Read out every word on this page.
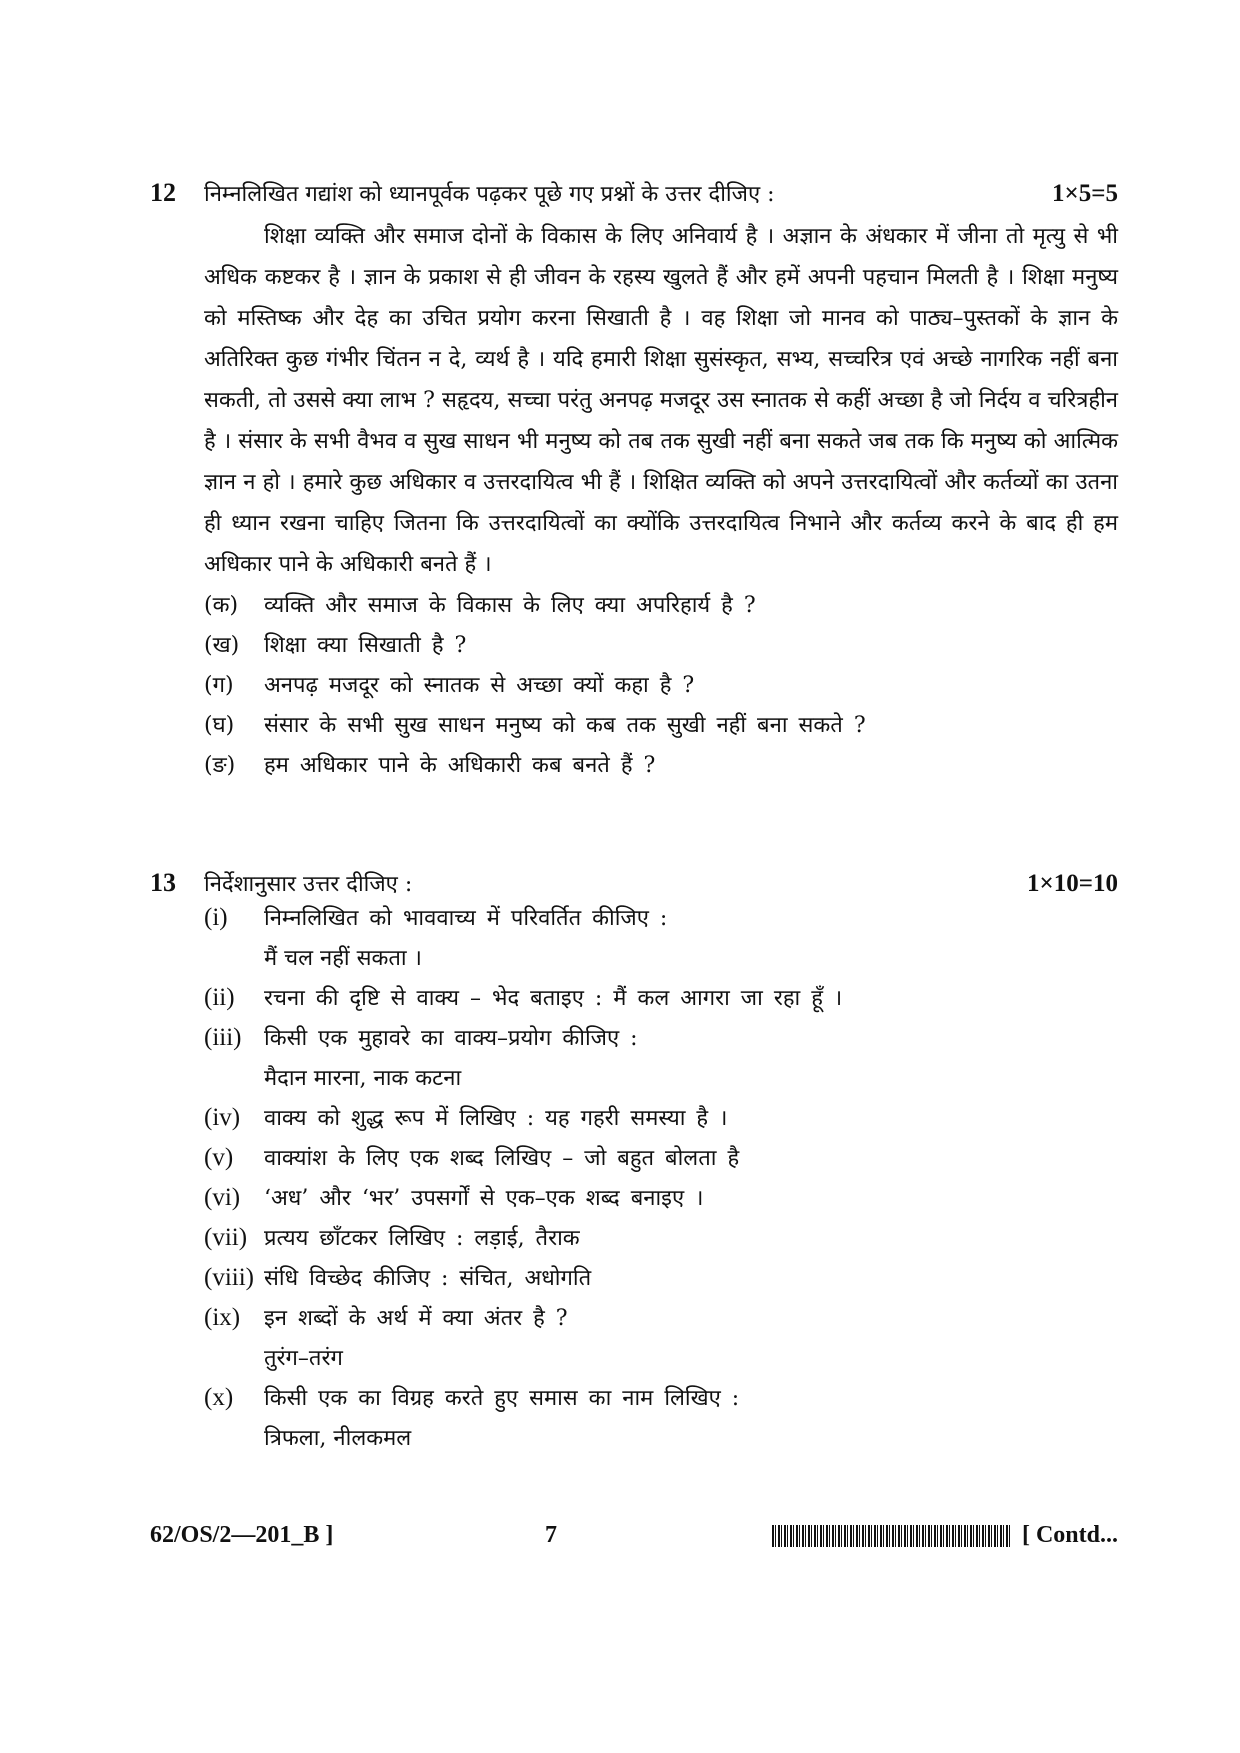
12	निम्नलिखित गद्यांश को ध्यानपूर्वक पढ़कर पूछे गए प्रश्नों के उत्तर दीजिए :	1×5=5
शिक्षा व्यक्ति और समाज दोनों के विकास के लिए अनिवार्य है । अज्ञान के अंधकार में जीना तो मृत्यु से भी अधिक कष्टकर है । ज्ञान के प्रकाश से ही जीवन के रहस्य खुलते हैं और हमें अपनी पहचान मिलती है । शिक्षा मनुष्य को मस्तिष्क और देह का उचित प्रयोग करना सिखाती है । वह शिक्षा जो मानव को पाठ्य–पुस्तकों के ज्ञान के अतिरिक्त कुछ गंभीर चिंतन न दे, व्यर्थ है । यदि हमारी शिक्षा सुसंस्कृत, सभ्य, सच्चरित्र एवं अच्छे नागरिक नहीं बना सकती, तो उससे क्या लाभ ? सहृदय, सच्चा परंतु अनपढ़ मजदूर उस स्नातक से कहीं अच्छा है जो निर्दय व चरित्रहीन है । संसार के सभी वैभव व सुख साधन भी मनुष्य को तब तक सुखी नहीं बना सकते जब तक कि मनुष्य को आत्मिक ज्ञान न हो । हमारे कुछ अधिकार व उत्तरदायित्व भी हैं । शिक्षित व्यक्ति को अपने उत्तरदायित्वों और कर्तव्यों का उतना ही ध्यान रखना चाहिए जितना कि उत्तरदायित्वों का क्योंकि उत्तरदायित्व निभाने और कर्तव्य करने के बाद ही हम अधिकार पाने के अधिकारी बनते हैं ।
(क)	व्यक्ति और समाज के विकास के लिए क्या अपरिहार्य है ?
(ख)	शिक्षा क्या सिखाती है ?
(ग)	अनपढ़ मजदूर को स्नातक से अच्छा क्यों कहा है ?
(घ)	संसार के सभी सुख साधन मनुष्य को कब तक सुखी नहीं बना सकते ?
(ङ)	हम अधिकार पाने के अधिकारी कब बनते हैं ?
13	निर्देशानुसार उत्तर दीजिए :	1×10=10
(i)	निम्नलिखित को भाववाच्य में परिवर्तित कीजिए :
मैं चल नहीं सकता ।
(ii)	रचना की दृष्टि से वाक्य – भेद बताइए : मैं कल आगरा जा रहा हूँ ।
(iii)	किसी एक मुहावरे का वाक्य–प्रयोग कीजिए :
मैदान मारना, नाक कटना
(iv)	वाक्य को शुद्ध रूप में लिखिए : यह गहरी समस्या है ।
(v)	वाक्यांश के लिए एक शब्द लिखिए – जो बहुत बोलता है
(vi)	‘अध’ और ‘भर’ उपसर्गों से एक–एक शब्द बनाइए ।
(vii) प्रत्यय छाँटकर लिखिए : लड़ाई, तैराक
(viii) संधि विच्छेद कीजिए : संचित, अधोगति
(ix)	इन शब्दों के अर्थ में क्या अंतर है ?
तुरंग–तरंग
(x)	किसी एक का विग्रह करते हुए समास का नाम लिखिए :
त्रिफला, नीलकमल
62/OS/2—201_B ]	7	[ Contd...
